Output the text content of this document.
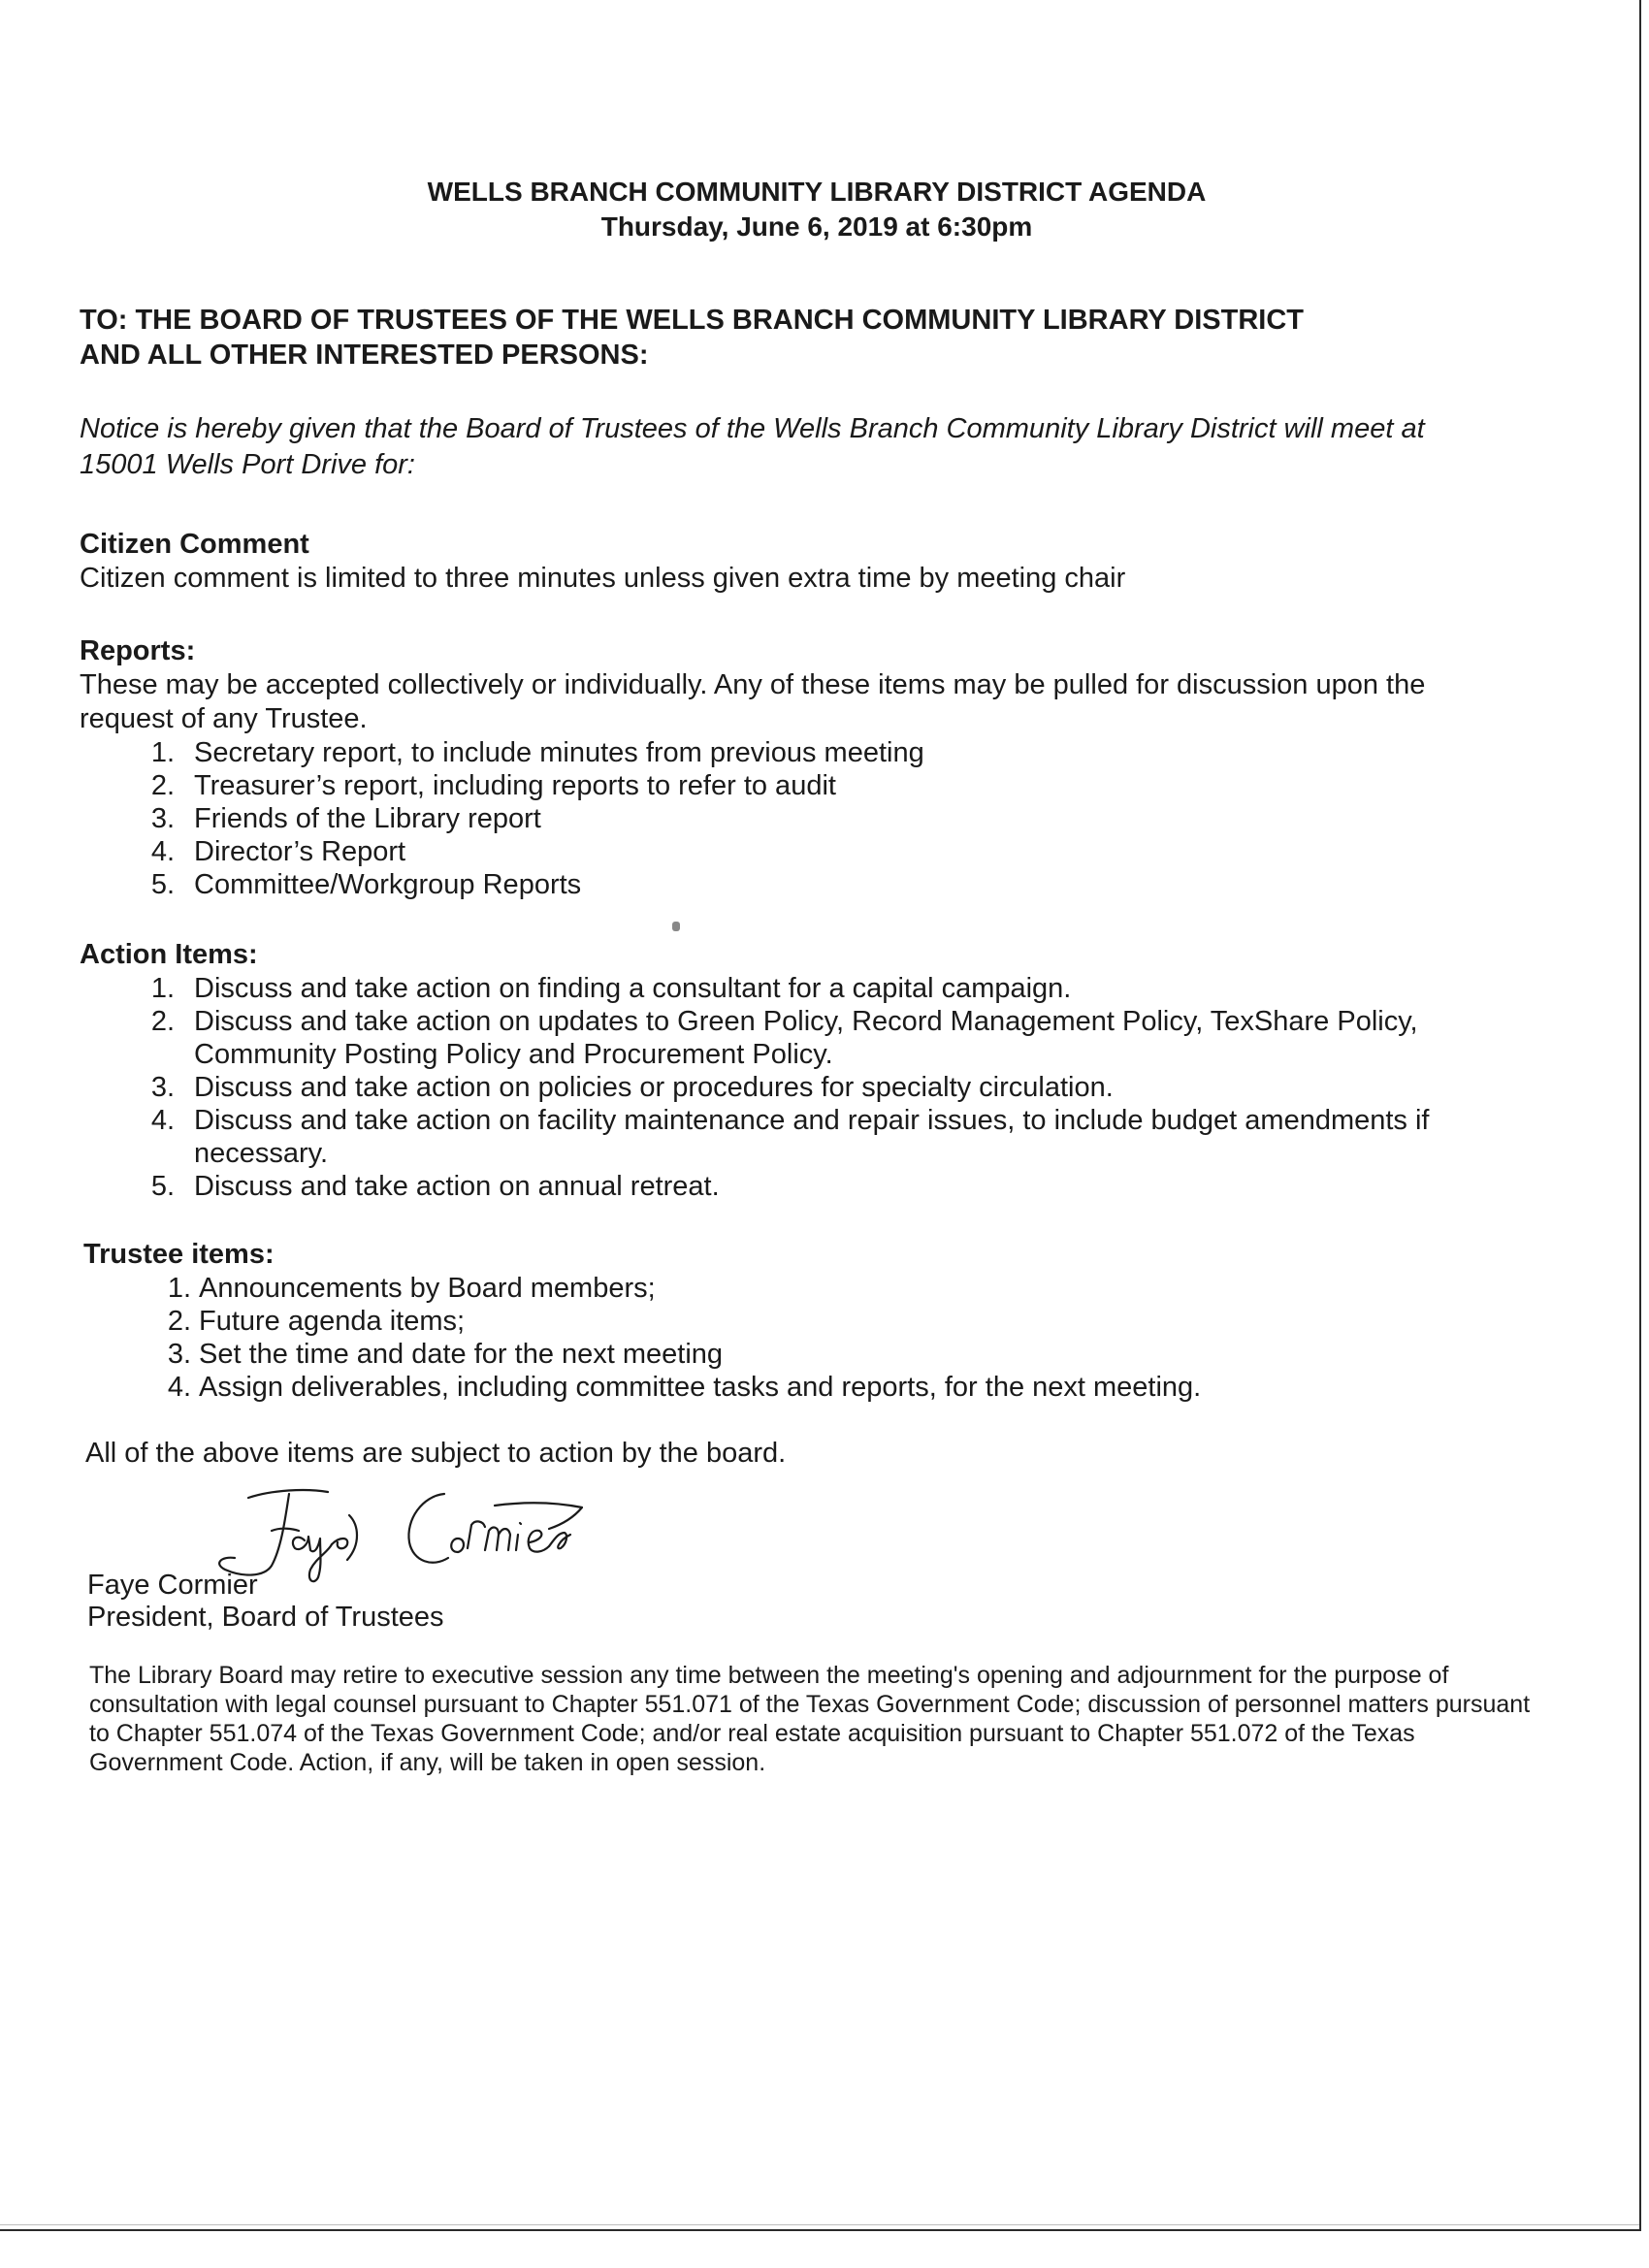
WELLS BRANCH COMMUNITY LIBRARY DISTRICT AGENDA

Thursday, June 6, 2019 at 6:30pm

TO: THE BOARD OF TRUSTEES OF THE WELLS BRANCH COMMUNITY LIBRARY DISTRICT
AND ALL OTHER INTERESTED PERSONS:
Notice is hereby given that the Board of Trustees of the Wells Branch Community Library District will meet at
15001 Wells Port Drive for:

Citizen Comment

Citizen comment is limited to three minutes unless given extra time by meeting chair

Reports:

These may be accepted collectively or individually. Any of these items may be pulled for discussion upon the

request of any Trustee.

1. Secretary report, to include minutes from previous meeting
2. Treasurer’s report, including reports to refer to audit
3. Friends of the Library report
4. Director’s Report
5. Committee/Workgroup Reports

Action Items:

1. Discuss and take action on finding a consultant for a capital campaign.
2. Discuss and take action on updates to Green Policy, Record Management Policy, TexShare Policy, Community Posting Policy and Procurement Policy.
3. Discuss and take action on policies or procedures for specialty circulation.
4. Discuss and take action on facility maintenance and repair issues, to include budget amendments if necessary.
5. Discuss and take action on annual retreat.

Trustee items:

1. Announcements by Board members;
2. Future agenda items;
3. Set the time and date for the next meeting
4. Assign deliverables, including committee tasks and reports, for the next meeting.

All of the above items are subject to action by the board.

Faye Cormier
President, Board of Trustees

The Library Board may retire to executive session any time between the meeting's opening and adjournment for the purpose of consultation with legal counsel pursuant to Chapter 551.071 of the Texas Government Code; discussion of personnel matters pursuant to Chapter 551.074 of the Texas Government Code; and/or real estate acquisition pursuant to Chapter 551.072 of the Texas Government Code. Action, if any, will be taken in open session.
